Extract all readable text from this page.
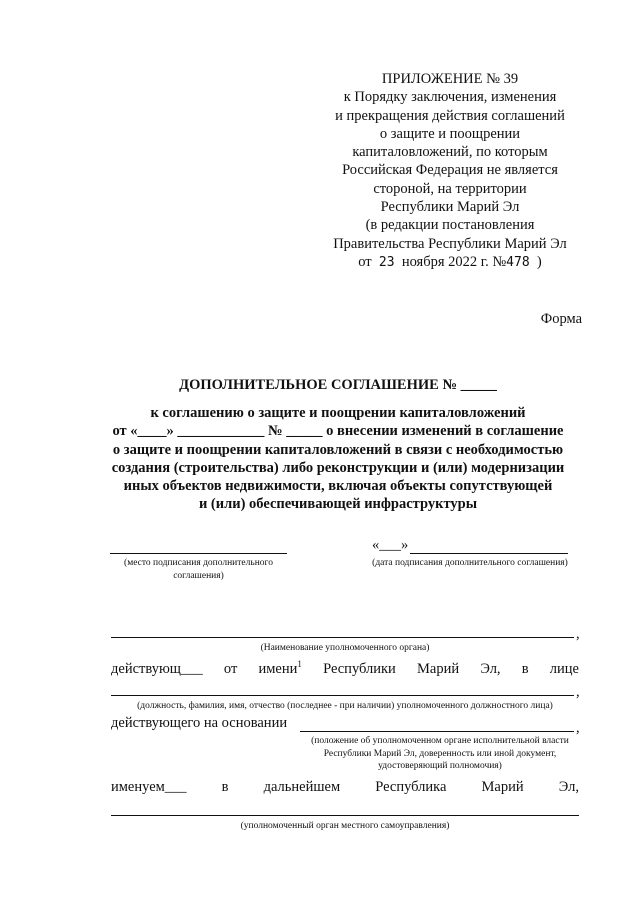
ПРИЛОЖЕНИЕ № 39
к Порядку заключения, изменения
и прекращения действия соглашений
о защите и поощрении
капиталовложений, по которым
Российская Федерация не является
стороной, на территории
Республики Марий Эл
(в редакции постановления
Правительства Республики Марий Эл
от 23 ноября 2022 г. №478 )
Форма
ДОПОЛНИТЕЛЬНОЕ СОГЛАШЕНИЕ № _____
к соглашению о защите и поощрении капиталовложений
от «____» ____________ № _____ о внесении изменений в соглашение
о защите и поощрении капиталовложений в связи с необходимостью
создания (строительства) либо реконструкции и (или) модернизации
иных объектов недвижимости, включая объекты сопутствующей
и (или) обеспечивающей инфраструктуры
(место подписания дополнительного соглашения)
«___»
(дата подписания дополнительного соглашения)
,
(Наименование уполномоченного органа)
действующ___ от имени$^1$ Республики Марий Эл, в лице
,
(должность, фамилия, имя, отчество (последнее - при наличии) уполномоченного должностного лица)
действующего на основании	,
(положение об уполномоченном органе исполнительной власти Республики Марий Эл, доверенность или иной документ, удостоверяющий полномочия)
именуем___ в дальнейшем Республика Марий Эл,
(уполномоченный орган местного самоуправления)
